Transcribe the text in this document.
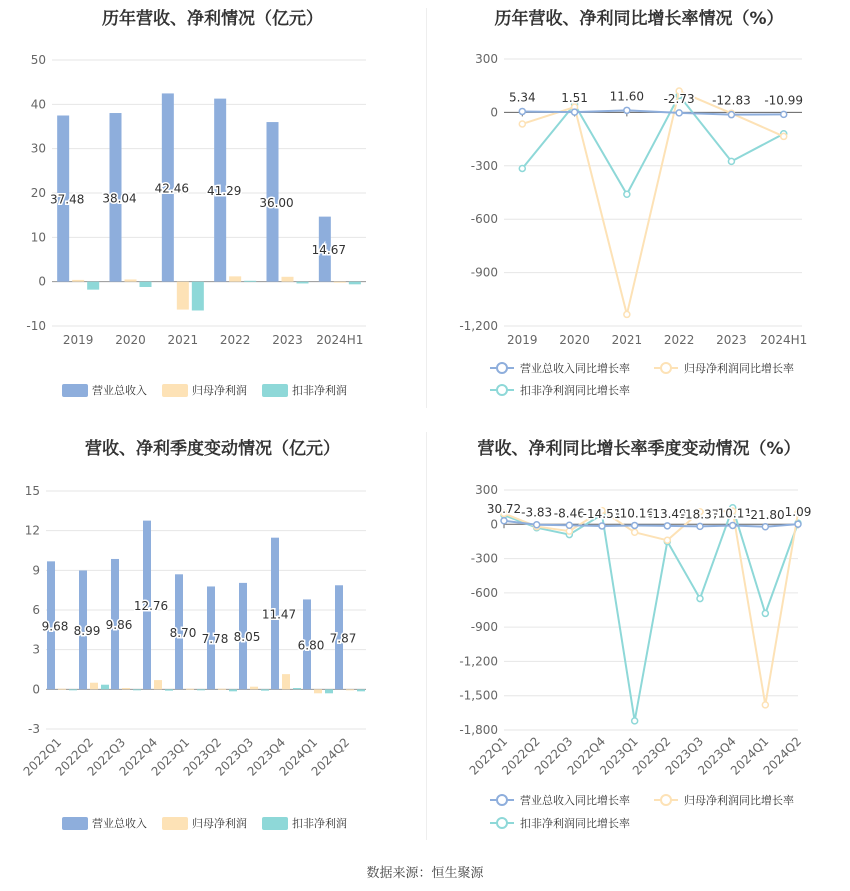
历年营收、净利情况（亿元）
50
40
30
20
10
0
-10
2019
37.48
2020
38.04
2021
42.46
2022
41.29
2023
36.00
2024H1
14.67
营业总收入	归母净利润	扣非净利润
历年营收、净利同比增长率情况（%）
300
0
-300
-600
-900
-1,200
2019 2020 2021 2022 2023 2024H1
5.34 1.51 11.60 -2.73 -12.83 -10.99
营业总收入同比增长率	归母净利润同比增长率
扣非净利润同比增长率
营收、净利季度变动情况（亿元）
15
12
9
6
3
0
-3
2022Q1
9.68
2022Q2
8.99
2022Q3
9.86
2022Q4
12.76
2023Q1
8.70
2023Q2
7.78
2023Q3
8.05
2023Q4
11.47
2024Q1
6.80
2024Q2
7.87
营业总收入	归母净利润	扣非净利润
营收、净利同比增长率季度变动情况（%）
300
0
-300
-600
-900
-1,200
-1,500
-1,800
2022Q1
2022Q2
2022Q3
2022Q4
2023Q1
2023Q2
2023Q3
2023Q4
2024Q1
2024Q2
30.72 -3.83 -8.46
-14.51
-10.16
-13.49
-18.37
-10.11
-21.80 1.09
营业总收入同比增长率	归母净利润同比增长率
扣非净利润同比增长率
数据来源：恒生聚源
